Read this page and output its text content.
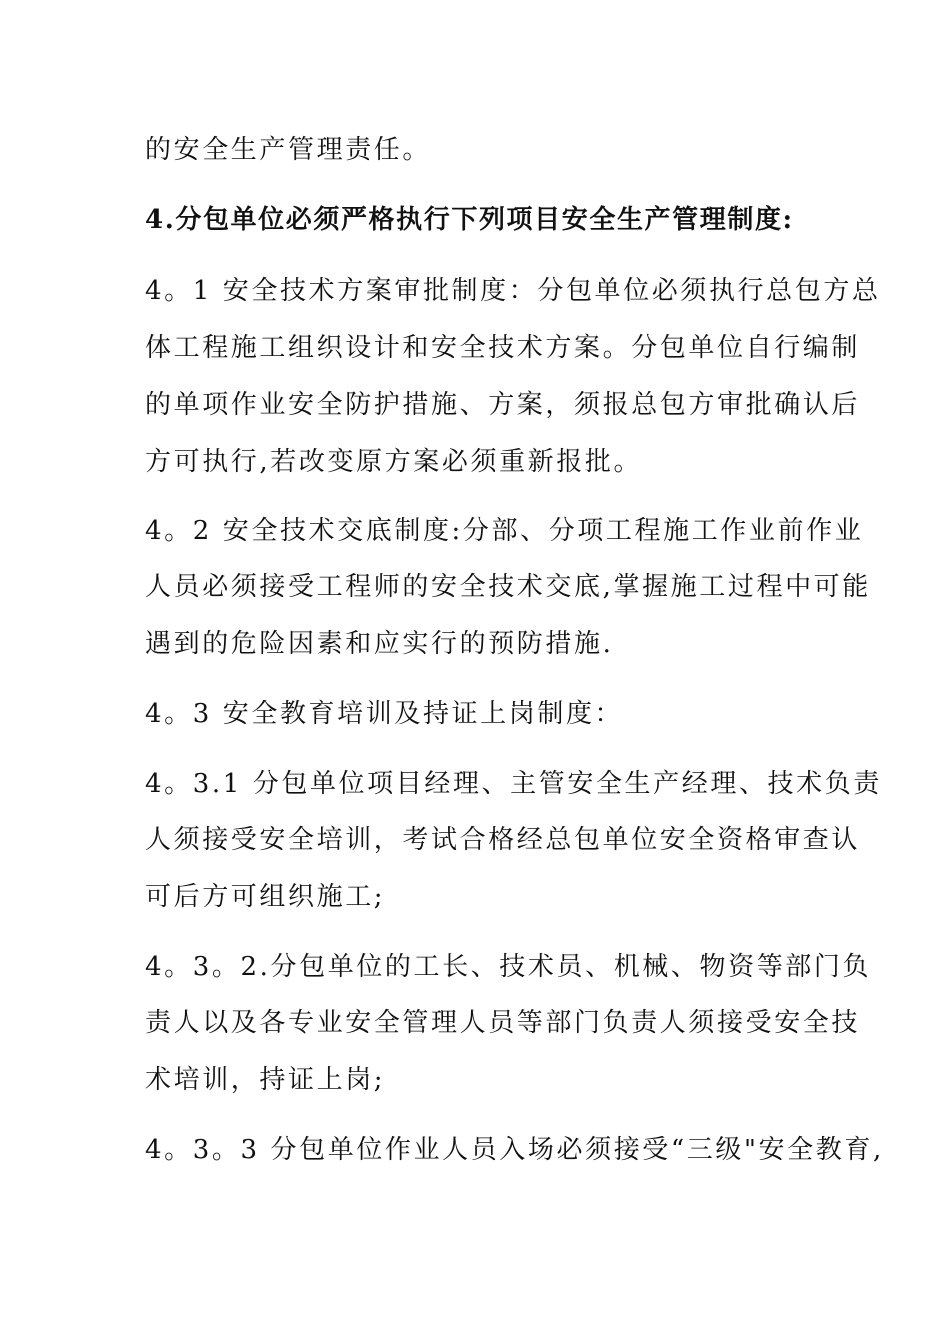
的安全生产管理责任。
4.分包单位必须严格执行下列项目安全生产管理制度:
4。1 安全技术方案审批制度：分包单位必须执行总包方总
体工程施工组织设计和安全技术方案。分包单位自行编制
的单项作业安全防护措施、方案，须报总包方审批确认后
方可执行,若改变原方案必须重新报批。
4。2 安全技术交底制度:分部、分项工程施工作业前作业
人员必须接受工程师的安全技术交底,掌握施工过程中可能
遇到的危险因素和应实行的预防措施.
4。3 安全教育培训及持证上岗制度：
4。3.1 分包单位项目经理、主管安全生产经理、技术负责
人须接受安全培训，考试合格经总包单位安全资格审查认
可后方可组织施工;
4。3。2.分包单位的工长、技术员、机械、物资等部门负
责人以及各专业安全管理人员等部门负责人须接受安全技
术培训，持证上岗;
4。3。3 分包单位作业人员入场必须接受“三级"安全教育,
